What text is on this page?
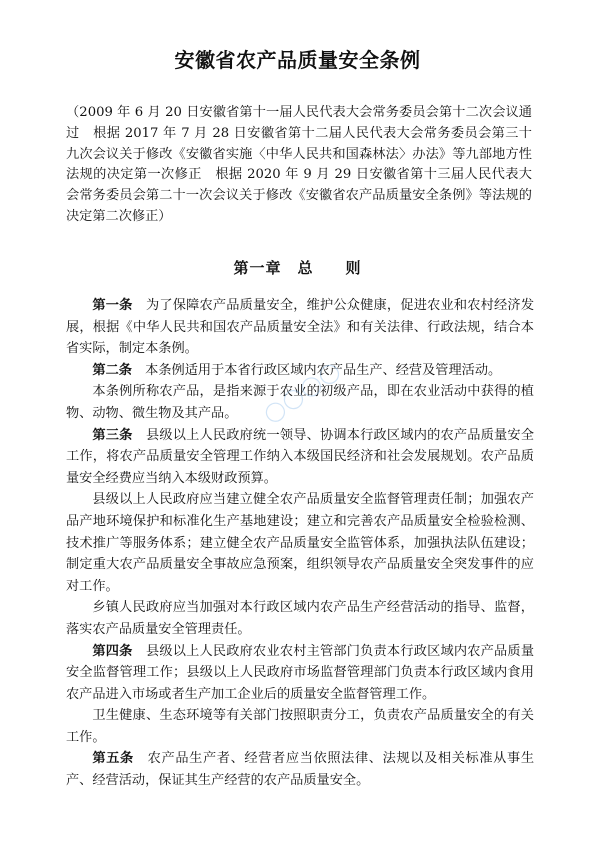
安徽省农产品质量安全条例
（2009 年 6 月 20 日安徽省第十一届人民代表大会常务委员会第十二次会议通过　根据 2017 年 7 月 28 日安徽省第十二届人民代表大会常务委员会第三十九次会议关于修改《安徽省实施〈中华人民共和国森林法〉办法》等九部地方性法规的决定第一次修正　根据 2020 年 9 月 29 日安徽省第十三届人民代表大会常务委员会第二十一次会议关于修改《安徽省农产品质量安全条例》等法规的决定第二次修正）
第一章　总　　则

第一条　为了保障农产品质量安全，维护公众健康，促进农业和农村经济发展，根据《中华人民共和国农产品质量安全法》和有关法律、行政法规，结合本省实际，制定本条例。

第二条　本条例适用于本省行政区域内农产品生产、经营及管理活动。

本条例所称农产品，是指来源于农业的初级产品，即在农业活动中获得的植物、动物、微生物及其产品。

第三条　县级以上人民政府统一领导、协调本行政区域内的农产品质量安全工作，将农产品质量安全管理工作纳入本级国民经济和社会发展规划。农产品质量安全经费应当纳入本级财政预算。

县级以上人民政府应当建立健全农产品质量安全监督管理责任制；加强农产品产地环境保护和标准化生产基地建设；建立和完善农产品质量安全检验检测、技术推广等服务体系；建立健全农产品质量安全监管体系，加强执法队伍建设；制定重大农产品质量安全事故应急预案，组织领导农产品质量安全突发事件的应对工作。

乡镇人民政府应当加强对本行政区域内农产品生产经营活动的指导、监督，落实农产品质量安全管理责任。

第四条　县级以上人民政府农业农村主管部门负责本行政区域内农产品质量安全监督管理工作；县级以上人民政府市场监督管理部门负责本行政区域内食用农产品进入市场或者生产加工企业后的质量安全监督管理工作。

卫生健康、生态环境等有关部门按照职责分工，负责农产品质量安全的有关工作。

第五条　农产品生产者、经营者应当依照法律、法规以及相关标准从事生产、经营活动，保证其生产经营的农产品质量安全。
